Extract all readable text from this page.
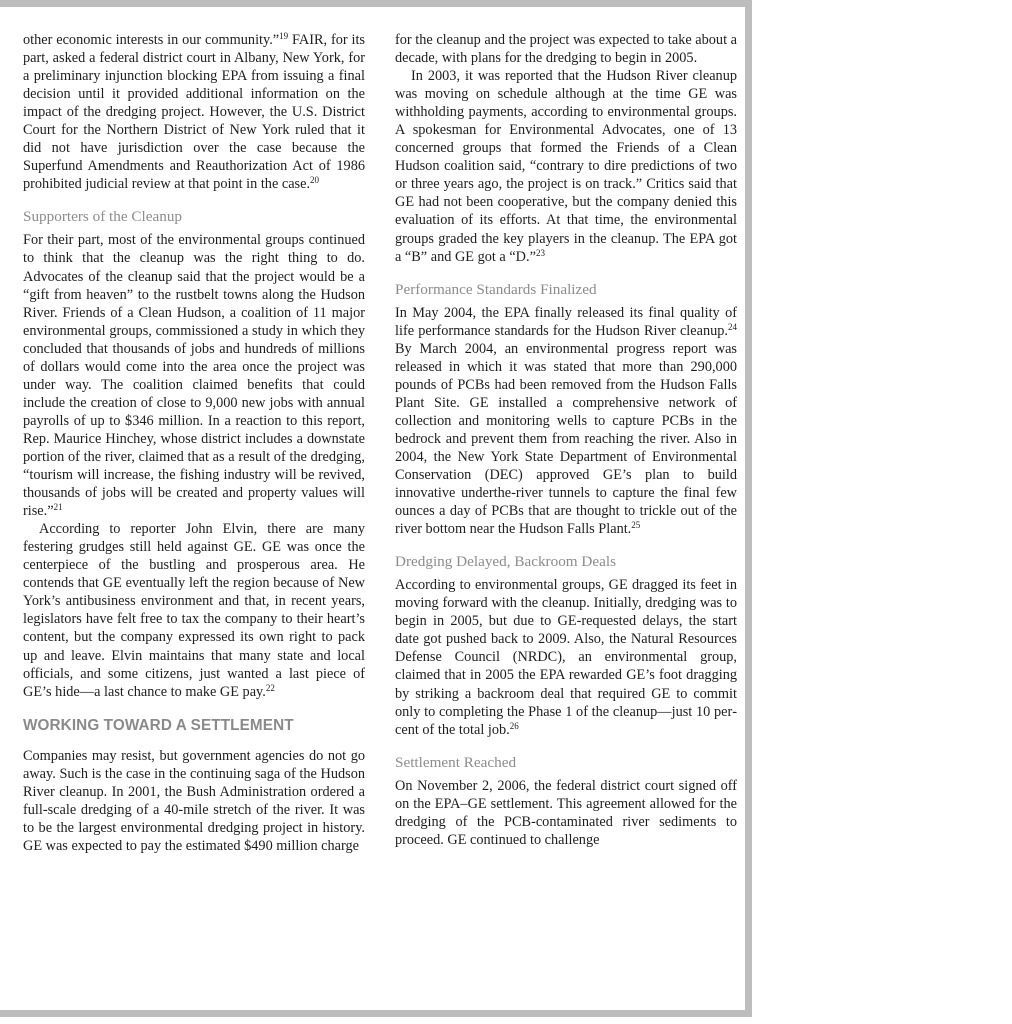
other economic interests in our community.”$^{19}$ FAIR, for its part, asked a federal district court in Albany, New York, for a preliminary injunction blocking EPA from issuing a final decision until it provided additional information on the impact of the dredging project. However, the U.S. District Court for the Northern District of New York ruled that it did not have jurisdiction over the case because the Superfund Amendments and Reauthorization Act of 1986 prohibited judicial review at that point in the case.$^{20}$

Supporters of the Cleanup

For their part, most of the environmental groups continued to think that the cleanup was the right thing to do. Advocates of the cleanup said that the project would be a “gift from heaven” to the rustbelt towns along the Hudson River. Friends of a Clean Hudson, a coalition of 11 major environmental groups, commissioned a study in which they concluded that thousands of jobs and hundreds of millions of dollars would come into the area once the project was under way. The coalition claimed benefits that could include the creation of close to 9,000 new jobs with annual payrolls of up to $346 million. In a reaction to this report, Rep. Maurice Hinchey, whose district includes a downstate portion of the river, claimed that as a result of the dredging, “tourism will increase, the fishing industry will be revived, thousands of jobs will be created and property values will rise.”$^{21}$

According to reporter John Elvin, there are many festering grudges still held against GE. GE was once the centerpiece of the bustling and prosperous area. He contends that GE eventually left the region because of New York’s antibusiness environment and that, in recent years, legislators have felt free to tax the company to their heart’s content, but the company expressed its own right to pack up and leave. Elvin maintains that many state and local officials, and some citizens, just wanted a last piece of GE’s hide—a last chance to make GE pay.$^{22}$

WORKING TOWARD A SETTLEMENT

Companies may resist, but government agencies do not go away. Such is the case in the continuing saga of the Hudson River cleanup. In 2001, the Bush Administration ordered a full-scale dredging of a 40-mile stretch of the river. It was to be the largest environmental dredging project in history. GE was expected to pay the estimated $490 million charge

for the cleanup and the project was expected to take about a decade, with plans for the dredging to begin in 2005.

In 2003, it was reported that the Hudson River cleanup was moving on schedule although at the time GE was withholding payments, according to environmental groups. A spokesman for Environmental Advocates, one of 13 concerned groups that formed the Friends of a Clean Hudson coalition said, “contrary to dire predictions of two or three years ago, the project is on track.” Critics said that GE had not been cooperative, but the company denied this evaluation of its efforts. At that time, the environmental groups graded the key players in the cleanup. The EPA got a “B” and GE got a “D.”$^{23}$

Performance Standards Finalized

In May 2004, the EPA finally released its final quality of life performance standards for the Hudson River cleanup.$^{24}$ By March 2004, an environmental progress report was released in which it was stated that more than 290,000 pounds of PCBs had been removed from the Hudson Falls Plant Site. GE installed a comprehensive network of collection and monitoring wells to capture PCBs in the bedrock and prevent them from reaching the river. Also in 2004, the New York State Department of Environmental Conservation (DEC) approved GE’s plan to build innovative underthe-river tunnels to capture the final few ounces a day of PCBs that are thought to trickle out of the river bottom near the Hudson Falls Plant.$^{25}$

Dredging Delayed, Backroom Deals

According to environmental groups, GE dragged its feet in moving forward with the cleanup. Initially, dredging was to begin in 2005, but due to GE-requested delays, the start date got pushed back to 2009. Also, the Natural Resources Defense Council (NRDC), an environmental group, claimed that in 2005 the EPA rewarded GE’s foot dragging by striking a backroom deal that required GE to commit only to completing the Phase 1 of the cleanup—just 10 percent of the total job.$^{26}$

Settlement Reached

On November 2, 2006, the federal district court signed off on the EPA–GE settlement. This agreement allowed for the dredging of the PCB-contaminated river sediments to proceed. GE continued to challenge
